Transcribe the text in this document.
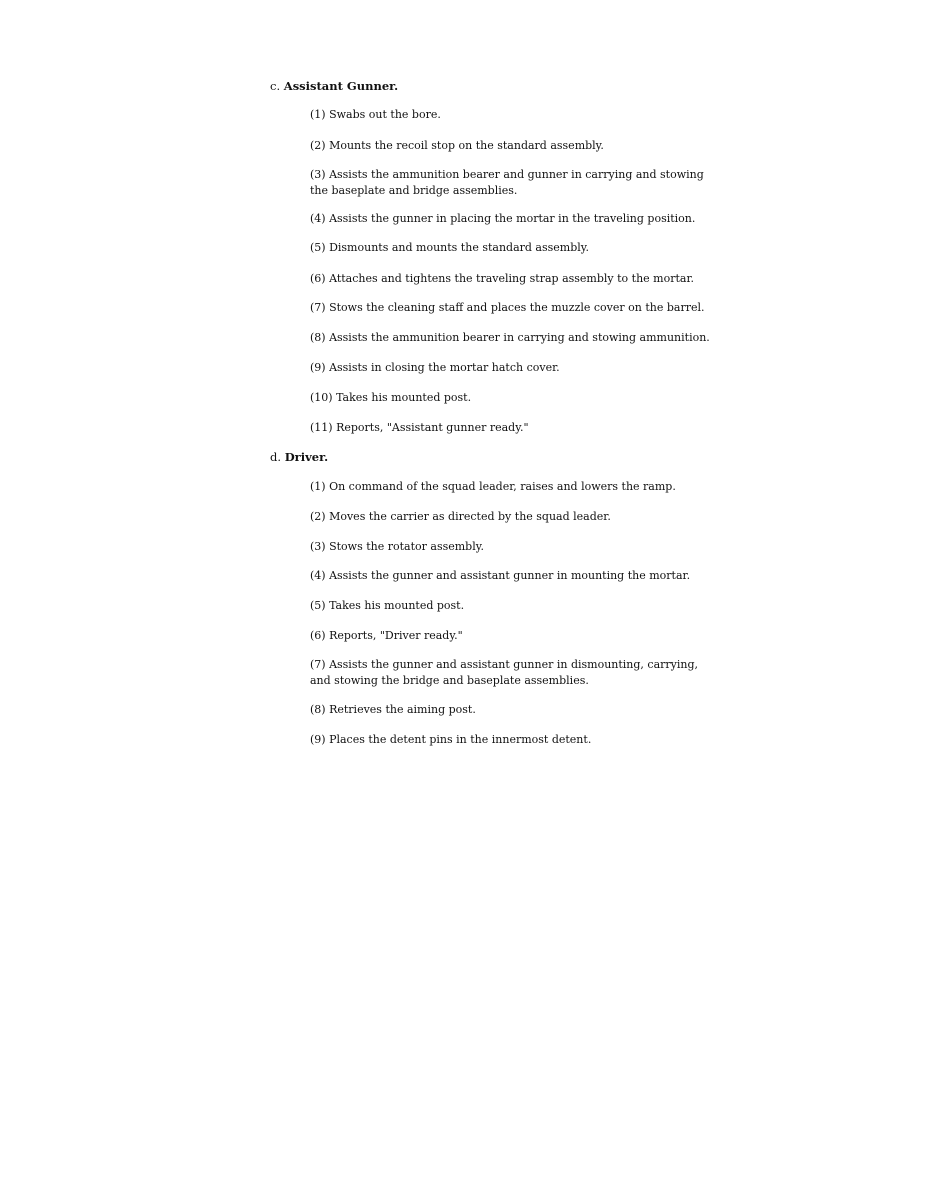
c. Assistant Gunner.
(1) Swabs out the bore.
(2) Mounts the recoil stop on the standard assembly.
(3) Assists the ammunition bearer and gunner in carrying and stowing the baseplate and bridge assemblies.
(4) Assists the gunner in placing the mortar in the traveling position.
(5) Dismounts and mounts the standard assembly.
(6) Attaches and tightens the traveling strap assembly to the mortar.
(7) Stows the cleaning staff and places the muzzle cover on the barrel.
(8) Assists the ammunition bearer in carrying and stowing ammunition.
(9) Assists in closing the mortar hatch cover.
(10) Takes his mounted post.
(11) Reports, "Assistant gunner ready."
d. Driver.
(1) On command of the squad leader, raises and lowers the ramp.
(2) Moves the carrier as directed by the squad leader.
(3) Stows the rotator assembly.
(4) Assists the gunner and assistant gunner in mounting the mortar.
(5) Takes his mounted post.
(6) Reports, "Driver ready."
(7) Assists the gunner and assistant gunner in dismounting, carrying, and stowing the bridge and baseplate assemblies.
(8) Retrieves the aiming post.
(9) Places the detent pins in the innermost detent.
